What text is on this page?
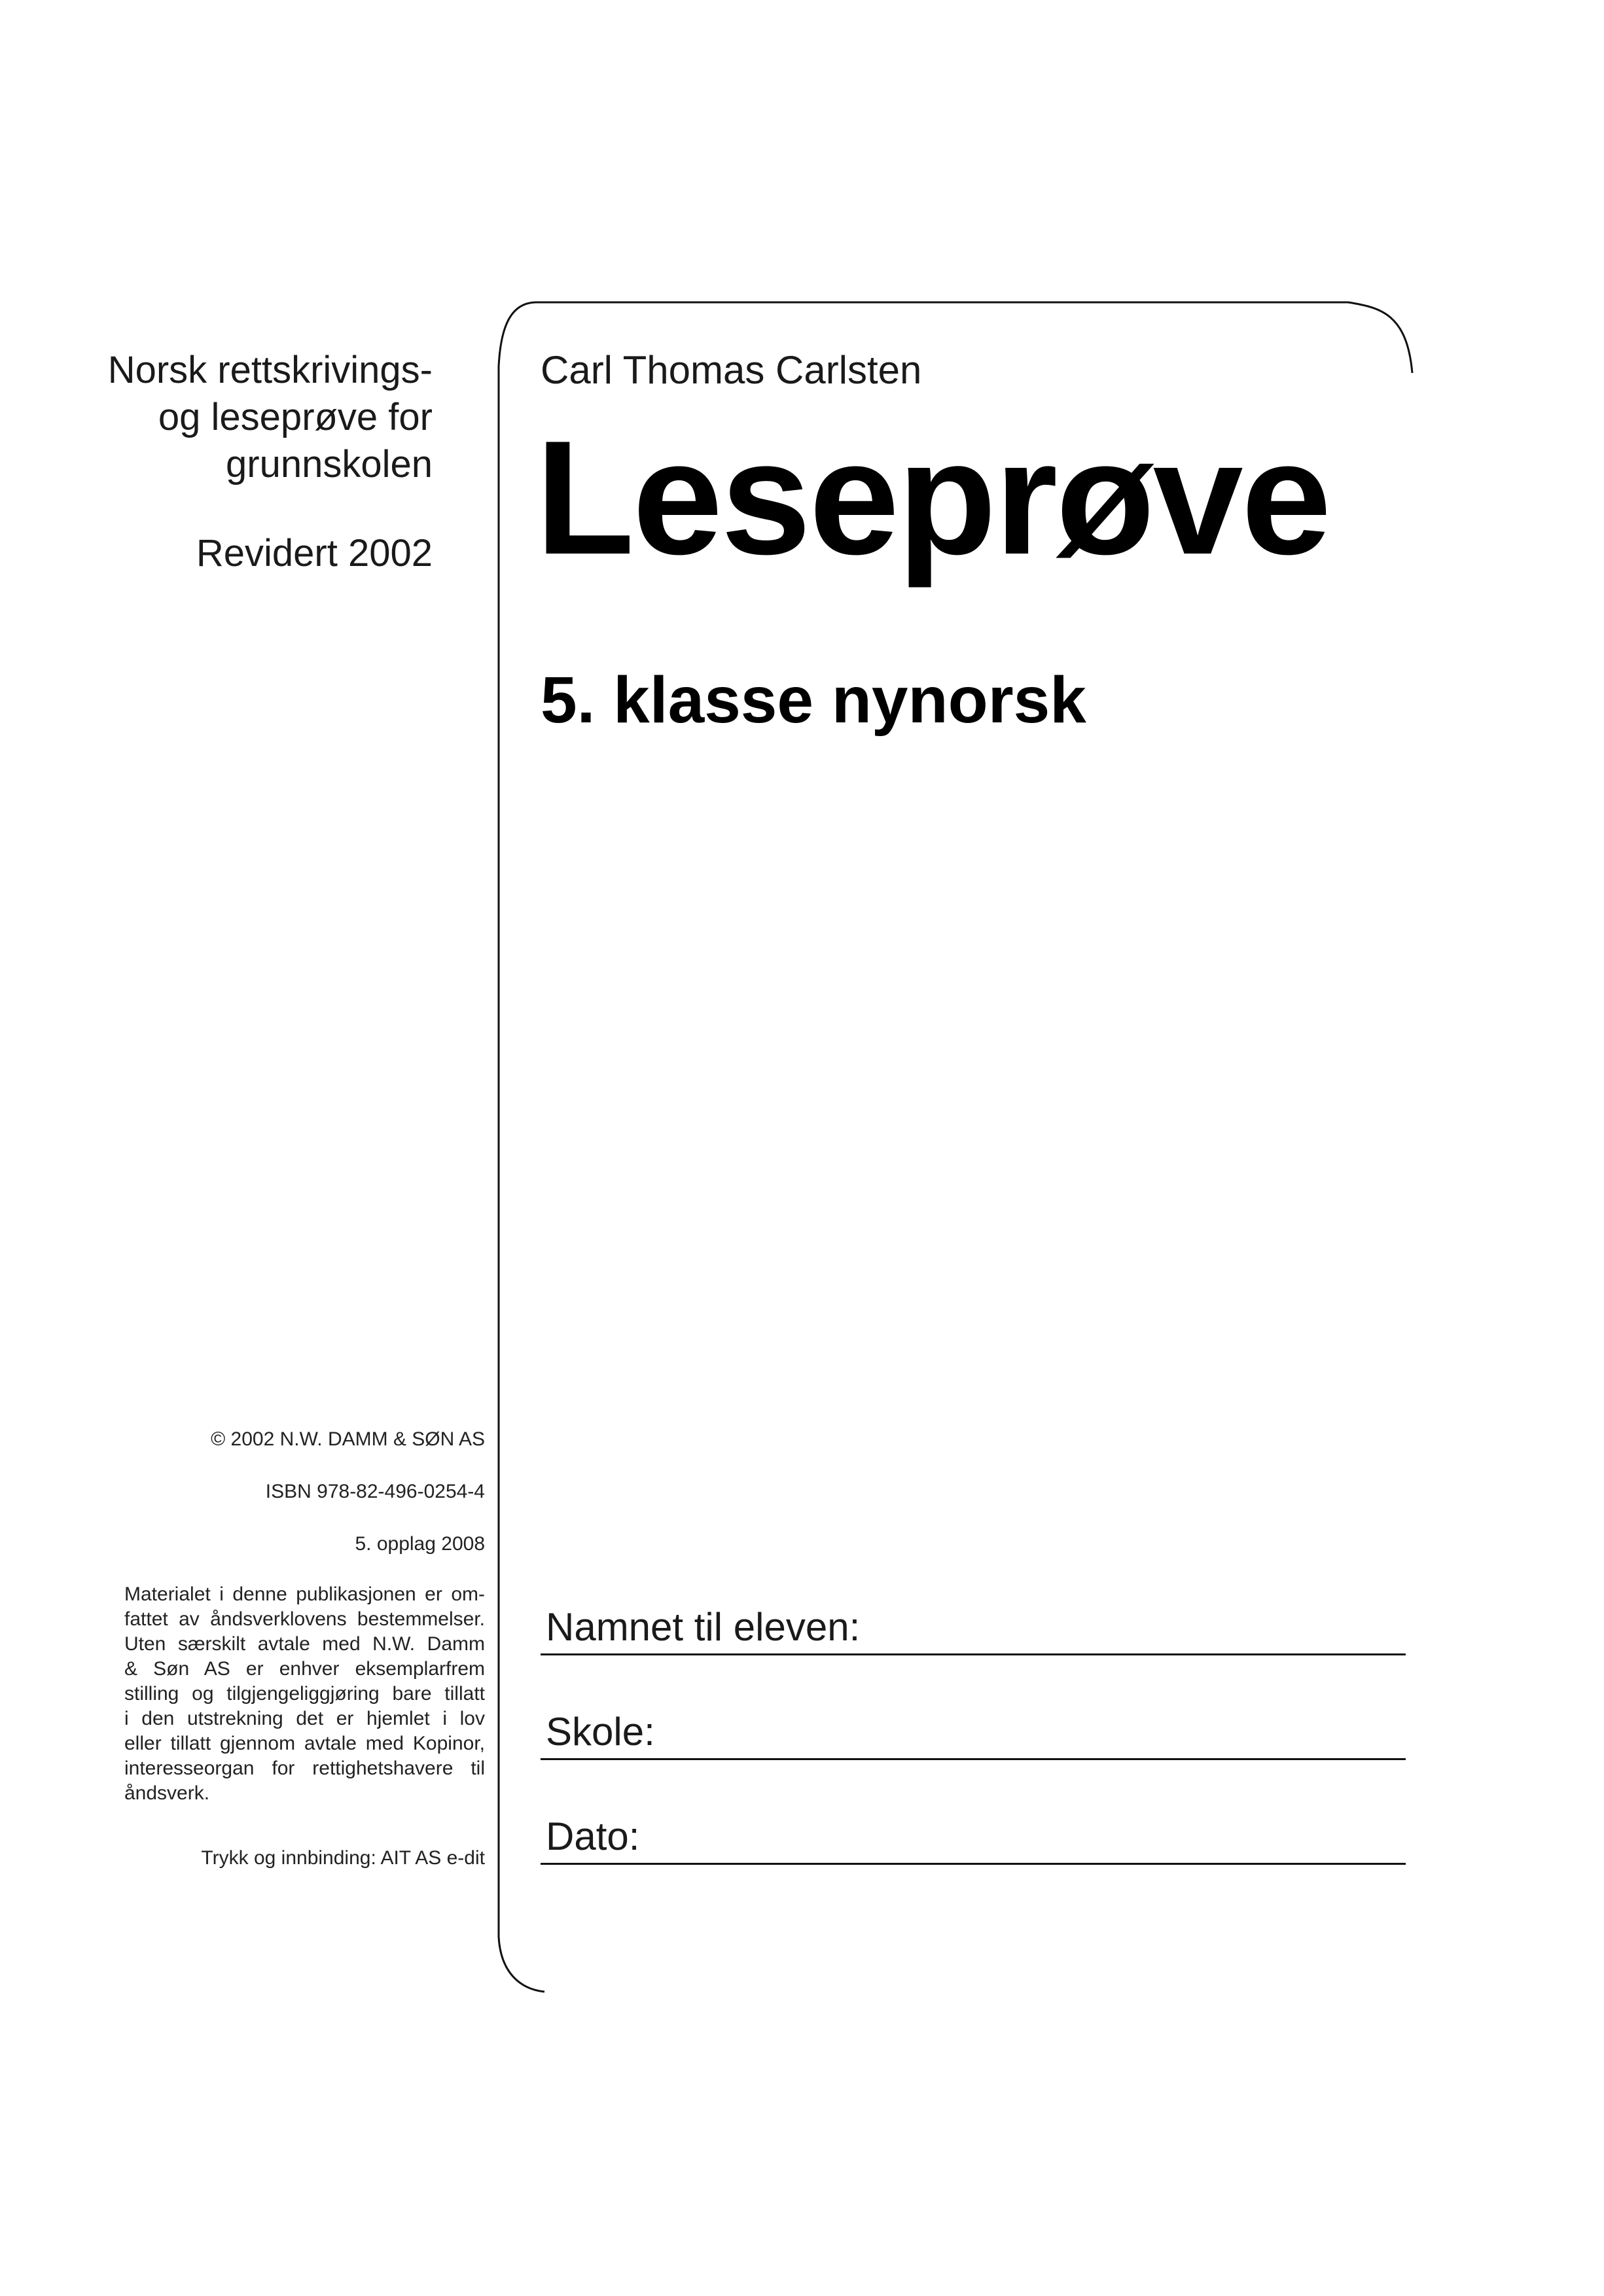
Norsk rettskrivings-
og leseprøve for
grunnskolen
Revidert 2002
Carl Thomas Carlsten
Leseprøve
5. klasse nynorsk
© 2002 N.W. DAMM & SØN AS
ISBN 978-82-496-0254-4
5. opplag 2008
Materialet i denne publikasjonen er om-
fattet av åndsverklovens bestemmelser.
Uten særskilt avtale med N.W. Damm
& Søn AS er enhver eksemplarfrem
stilling og tilgjengeliggjøring bare tillatt
i den utstrekning det er hjemlet i lov
eller tillatt gjennom avtale med Kopinor,
interesseorgan for rettighetshavere til
åndsverk.
Trykk og innbinding: AIT AS e-dit
Namnet til eleven:
Skole:
Dato:
